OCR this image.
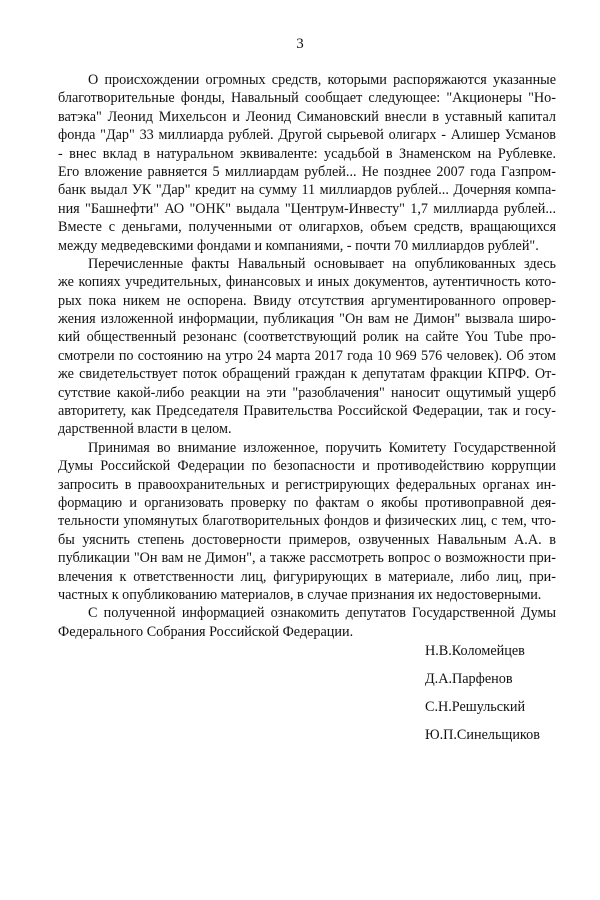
3
О происхождении огромных средств, которыми распоряжаются указанные
благотворительные фонды, Навальный сообщает следующее: "Акционеры "Но-
ватэка" Леонид Михельсон и Леонид Симановский внесли в уставный капитал
фонда "Дар" 33 миллиарда рублей. Другой сырьевой олигарх - Алишер Усманов
- внес вклад в натуральном эквиваленте: усадьбой в Знаменском на Рублевке.
Его вложение равняется 5 миллиардам рублей... Не позднее 2007 года Газпром-
банк выдал УК "Дар" кредит на сумму 11 миллиардов рублей... Дочерняя компа-
ния "Башнефти" АО "ОНК" выдала "Центрум-Инвесту" 1,7 миллиарда рублей...
Вместе с деньгами, полученными от олигархов, объем средств, вращающихся
между медведевскими фондами и компаниями, - почти 70 миллиардов рублей".
Перечисленные факты Навальный основывает на опубликованных здесь
же копиях учредительных, финансовых и иных документов, аутентичность кото-
рых пока никем не оспорена. Ввиду отсутствия аргументированного опровер-
жения изложенной информации, публикация "Он вам не Димон" вызвала широ-
кий общественный резонанс (соответствующий ролик на сайте You Tube про-
смотрели по состоянию на утро 24 марта 2017 года 10 969 576 человек). Об этом
же свидетельствует поток обращений граждан к депутатам фракции КПРФ. От-
сутствие какой-либо реакции на эти "разоблачения" наносит ощутимый ущерб
авторитету, как Председателя Правительства Российской Федерации, так и госу-
дарственной власти в целом.
Принимая во внимание изложенное, поручить Комитету Государственной
Думы Российской Федерации по безопасности и противодействию коррупции
запросить в правоохранительных и регистрирующих федеральных органах ин-
формацию и организовать проверку по фактам о якобы противоправной дея-
тельности упомянутых благотворительных фондов и физических лиц, с тем, что-
бы уяснить степень достоверности примеров, озвученных Навальным А.А. в
публикации "Он вам не Димон", а также рассмотреть вопрос о возможности при-
влечения к ответственности лиц, фигурирующих в материале, либо лиц, при-
частных к опубликованию материалов, в случае признания их недостоверными.
С полученной информацией ознакомить депутатов Государственной Думы
Федерального Собрания Российской Федерации.
Н.В.Коломейцев
Д.А.Парфенов
С.Н.Решульский
Ю.П.Синельщиков
